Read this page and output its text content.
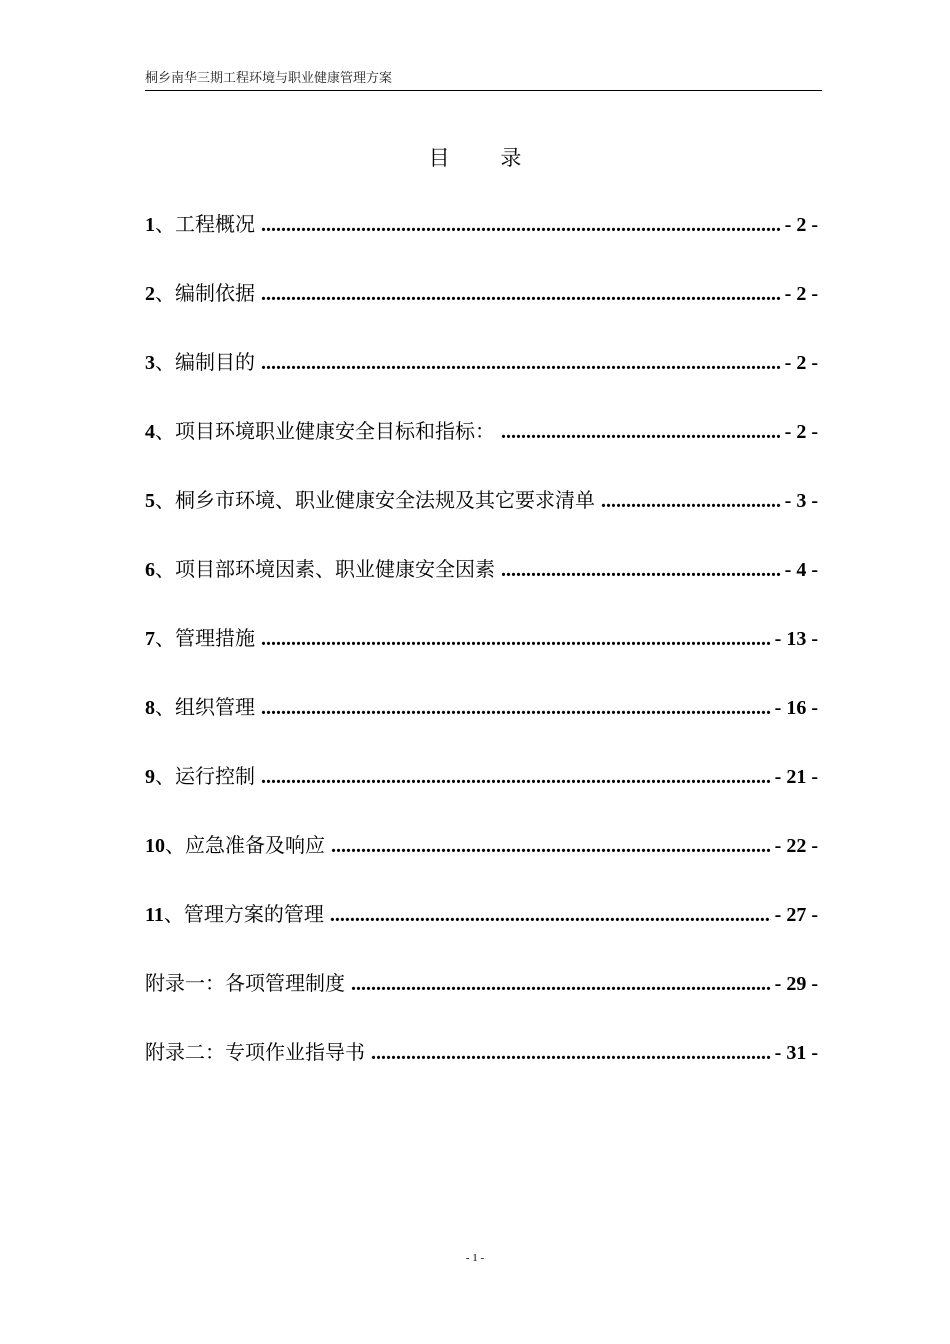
桐乡南华三期工程环境与职业健康管理方案
目 录
1 、 工程概况 .....	- 2 -
2 、 编制依据 .....	- 2 -
3 、 编制目的 .....	- 2 -
4 、 项目环境职业健康安全目标和指标： .....	- 2 -
5 、 桐乡市环境、职业健康安全法规及其它要求清单 .....	- 3 -
6 、 项目部环境因素、职业健康安全因素 .....	- 4 -
7 、 管理措施 .....	- 13 -
8 、 组织管理 .....	- 16 -
9 、 运行控制 .....	- 21 -
10 、 应急准备及响应 .....	- 22 -
11 、 管理方案的管理 .....	- 27 -
附录一：各项管理制度 .....	- 29 -
附录二：专项作业指导书 .....	- 31 -
- 1 -
